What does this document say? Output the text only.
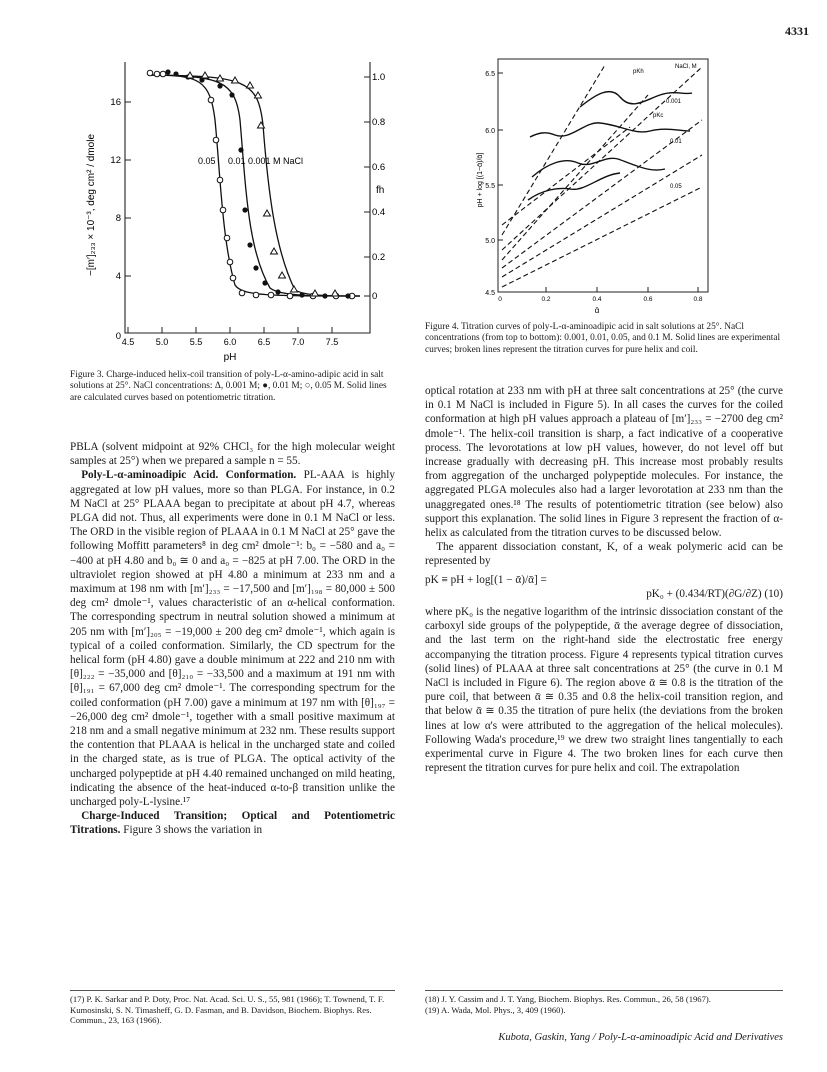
4331
16
12
8
4
0
1.0
0.8
0.6
0.4
0.2
0
fh
4.5 5.0 5.5 6.0 6.5 7.0 7.5
pH
−[m′]₂₃₃ × 10⁻³, deg cm² / dmole	0.05 0.01 0.001 M NaCl
Figure 3. Charge-induced helix-coil transition of poly-L-α-amino-adipic acid in salt solutions at 25°. NaCl concentrations: Δ, 0.001 M; ●, 0.01 M; ○, 0.05 M. Solid lines are calculated curves based on potentiometric titration.
6.5
6.0
5.5
5.0
4.5
0	0.2	0.4	0.6	0.8
ᾱ
pH + log [(1−ᾱ)/ᾱ]
pKh
NaCl, M
0.001
pKc
0.01
0.05
Figure 4. Titration curves of poly-L-α-aminoadipic acid in salt solutions at 25°. NaCl concentrations (from top to bottom): 0.001, 0.01, 0.05, and 0.1 M. Solid lines are experimental curves; broken lines represent the titration curves for pure helix and coil.

PBLA (solvent midpoint at 92% CHCl₃ for the high molecular weight samples at 25°) when we prepared a sample n = 55.

Poly-L-α-aminoadipic Acid. Conformation. PL-AAA is highly aggregated at low pH values, more so than PLGA. For instance, in 0.2 M NaCl at 25° PLAAA began to precipitate at about pH 4.7, whereas PLGA did not. Thus, all experiments were done in 0.1 M NaCl or less. The ORD in the visible region of PLAAA in 0.1 M NaCl at 25° gave the following Moffitt parameters⁸ in deg cm² dmole⁻¹: b₀ = −580 and a₀ = −400 at pH 4.80 and b₀ ≅ 0 and a₀ = −825 at pH 7.00. The ORD in the ultraviolet region showed at pH 4.80 a minimum at 233 nm and a maximum at 198 nm with [m′]₂₃₃ = −17,500 and [m′]₁₉₈ = 80,000 ± 500 deg cm² dmole⁻¹, values characteristic of an α-helical conformation. The corresponding spectrum in neutral solution showed a minimum at 205 nm with [m′]₂₀₅ = −19,000 ± 200 deg cm² dmole⁻¹, which again is typical of a coiled conformation. Similarly, the CD spectrum for the helical form (pH 4.80) gave a double minimum at 222 and 210 nm with [θ]₂₂₂ = −35,000 and [θ]₂₁₀ = −33,500 and a maximum at 191 nm with [θ]₁₉₁ = 67,000 deg cm² dmole⁻¹. The corresponding spectrum for the coiled conformation (pH 7.00) gave a minimum at 197 nm with [θ]₁₉₇ = −26,000 deg cm² dmole⁻¹, together with a small positive maximum at 218 nm and a small negative minimum at 232 nm. These results support the contention that PLAAA is helical in the uncharged state and coiled in the charged state, as is true of PLGA. The optical activity of the uncharged polypeptide at pH 4.40 remained unchanged on mild heating, indicating the absence of the heat-induced α-to-β transition unlike the uncharged poly-L-lysine.¹⁷

Charge-Induced Transition; Optical and Potentiometric Titrations. Figure 3 shows the variation in

optical rotation at 233 nm with pH at three salt concentrations at 25° (the curve in 0.1 M NaCl is included in Figure 5). In all cases the curves for the coiled conformation at high pH values approach a plateau of [m′]₂₃₃ = −2700 deg cm² dmole⁻¹. The helix-coil transition is sharp, a fact indicative of a cooperative process. The levorotations at low pH values, however, do not level off but increase gradually with decreasing pH. This increase most probably results from aggregation of the uncharged polypeptide molecules. For instance, the aggregated PLGA molecules also had a larger levorotation at 233 nm than the unaggregated ones.¹⁸ The results of potentiometric titration (see below) also support this explanation. The solid lines in Figure 3 represent the fraction of α-helix as calculated from the titration curves to be discussed below.

The apparent dissociation constant, K, of a weak polymeric acid can be represented by

pK ≡ pH + log[(1 − ᾱ)/ᾱ] =
pK₀ + (0.434/RT)(∂G/∂Z) (10)

where pK₀ is the negative logarithm of the intrinsic dissociation constant of the carboxyl side groups of the polypeptide, ᾱ the average degree of dissociation, and the last term on the right-hand side the electrostatic free energy accompanying the titration process. Figure 4 represents typical titration curves (solid lines) of PLAAA at three salt concentrations at 25° (the curve in 0.1 M NaCl is included in Figure 6). The region above ᾱ ≅ 0.8 is the titration of the pure coil, that between ᾱ ≅ 0.35 and 0.8 the helix-coil transition region, and that below ᾱ ≅ 0.35 the titration of pure helix (the deviations from the broken lines at low α's were attributed to the aggregation of the helical molecules). Following Wada's procedure,¹⁹ we drew two straight lines tangentially to each experimental curve in Figure 4. The two broken lines for each curve then represent the titration curves for pure helix and coil. The extrapolation

(17) P. K. Sarkar and P. Doty, Proc. Nat. Acad. Sci. U. S., 55, 981 (1966); T. Townend, T. F. Kumosinski, S. N. Timasheff, G. D. Fasman, and B. Davidson, Biochem. Biophys. Res. Commun., 23, 163 (1966).

(18) J. Y. Cassim and J. T. Yang, Biochem. Biophys. Res. Commun., 26, 58 (1967).

(19) A. Wada, Mol. Phys., 3, 409 (1960).

Kubota, Gaskin, Yang / Poly-L-α-aminoadipic Acid and Derivatives
